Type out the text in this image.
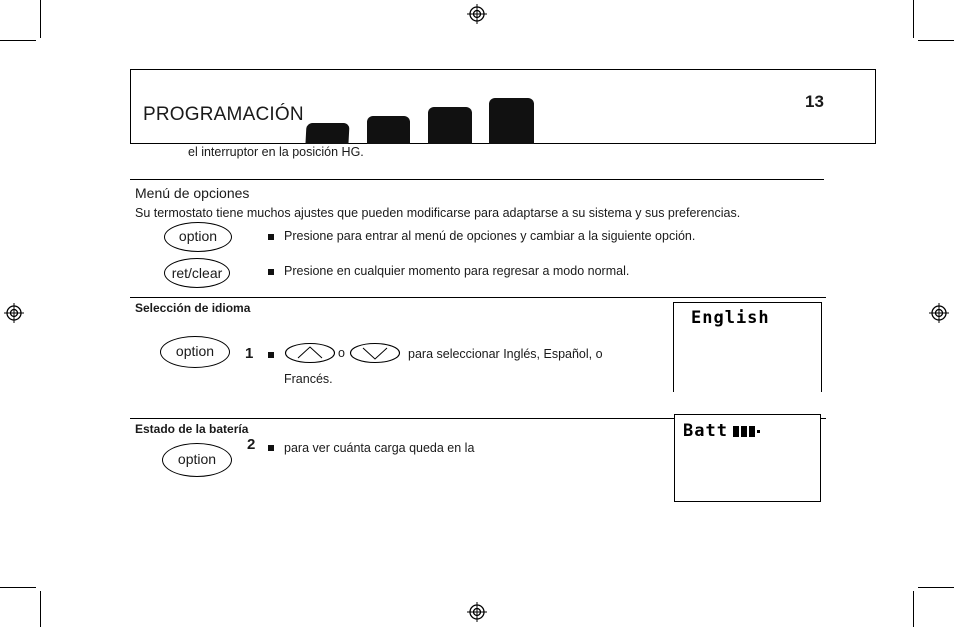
PROGRAMACIÓN
13
el interruptor en la posición HG.
Menú de opciones
Su termostato tiene muchos ajustes que pueden modificarse para adaptarse a su sistema y sus preferencias.
option	Presione para entrar al menú de opciones y cambiar a la siguiente opción.
ret/clear	Presione en cualquier momento para regresar a modo normal.
Selección de idioma
option	1	o	para seleccionar Inglés, Español, o
Francés.
English
Estado de la batería
option
2 para ver cuánta carga queda en la
Batt
